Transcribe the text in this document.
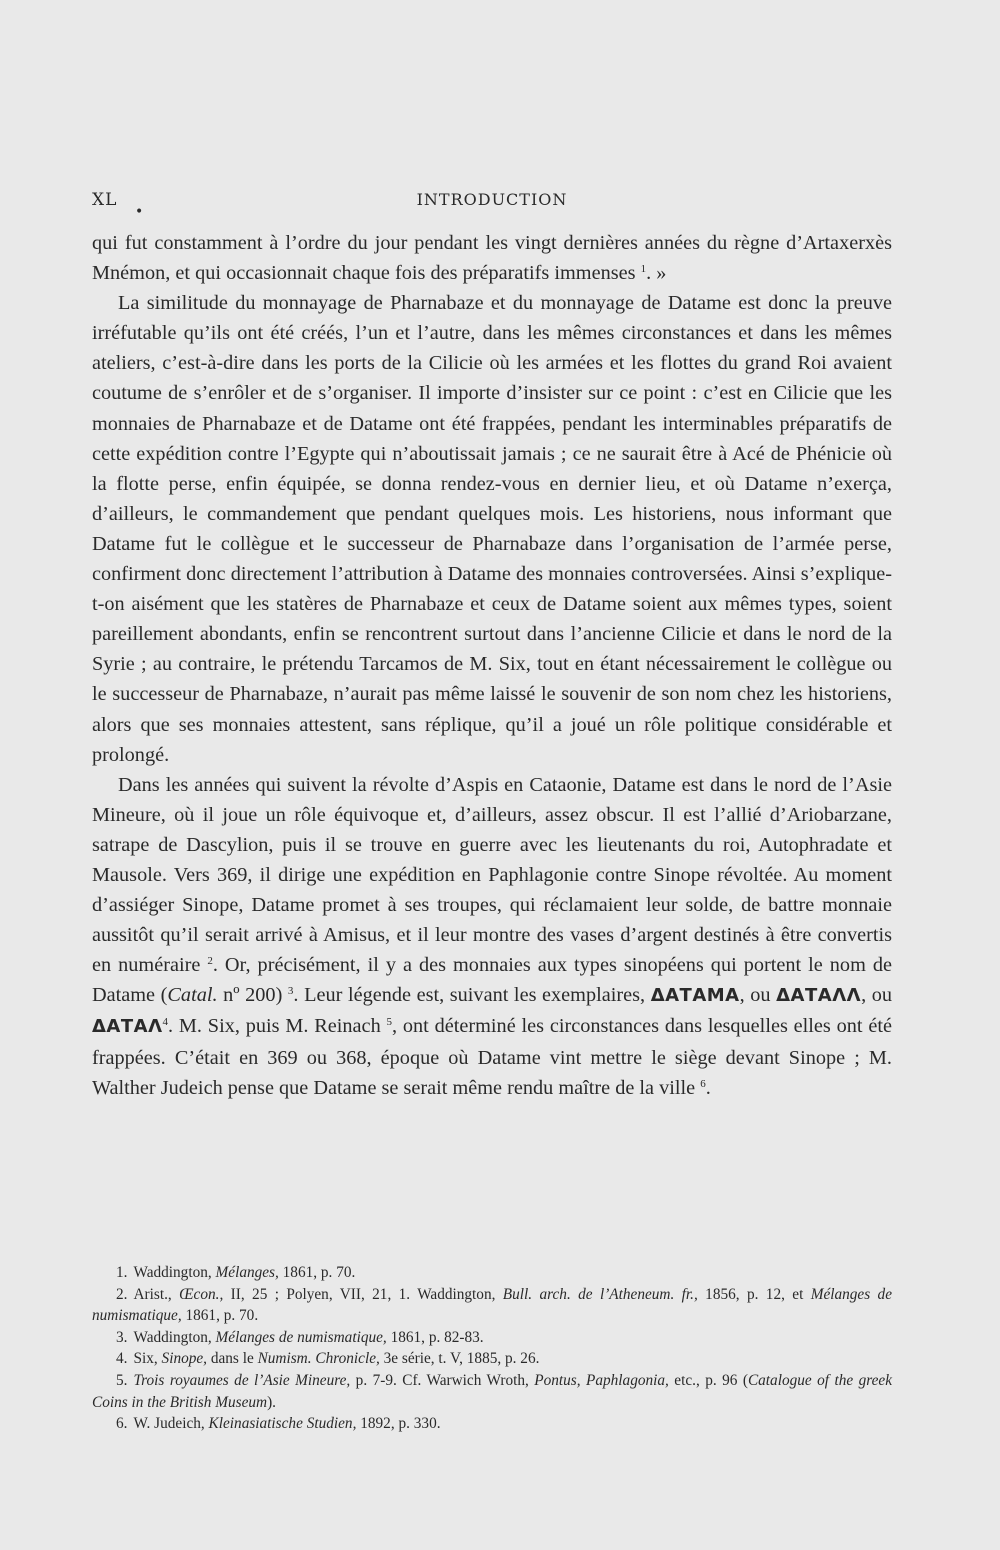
XL
•
INTRODUCTION

qui fut constamment à l’ordre du jour pendant les vingt dernières années du règne d’Artaxerxès Mnémon, et qui occasionnait chaque fois des préparatifs immenses $^1$. »

La similitude du monnayage de Pharnabaze et du monnayage de Datame est donc la preuve irréfutable qu’ils ont été créés, l’un et l’autre, dans les mêmes circonstances et dans les mêmes ateliers, c’est-à-dire dans les ports de la Cilicie où les armées et les flottes du grand Roi avaient coutume de s’enrôler et de s’organiser. Il importe d’insister sur ce point : c’est en Cilicie que les monnaies de Pharnabaze et de Datame ont été frappées, pendant les interminables préparatifs de cette expédition contre l’Egypte qui n’aboutissait jamais ; ce ne saurait être à Acé de Phénicie où la flotte perse, enfin équipée, se donna rendez-vous en dernier lieu, et où Datame n’exerça, d’ailleurs, le commandement que pendant quelques mois. Les historiens, nous informant que Datame fut le collègue et le successeur de Pharnabaze dans l’organisation de l’armée perse, confirment donc directement l’attribution à Datame des monnaies controversées. Ainsi s’explique-t-on aisément que les statères de Pharnabaze et ceux de Datame soient aux mêmes types, soient pareillement abondants, enfin se rencontrent surtout dans l’ancienne Cilicie et dans le nord de la Syrie ; au contraire, le prétendu Tarcamos de M. Six, tout en étant nécessairement le collègue ou le successeur de Pharnabaze, n’aurait pas même laissé le souvenir de son nom chez les historiens, alors que ses monnaies attestent, sans réplique, qu’il a joué un rôle politique considérable et prolongé.

Dans les années qui suivent la révolte d’Aspis en Cataonie, Datame est dans le nord de l’Asie Mineure, où il joue un rôle équivoque et, d’ailleurs, assez obscur. Il est l’allié d’Ariobarzane, satrape de Dascylion, puis il se trouve en guerre avec les lieutenants du roi, Autophradate et Mausole. Vers 369, il dirige une expédition en Paphlagonie contre Sinope révoltée. Au moment d’assiéger Sinope, Datame promet à ses troupes, qui réclamaient leur solde, de battre monnaie aussitôt qu’il serait arrivé à Amisus, et il leur montre des vases d’argent destinés à être convertis en numéraire $^2$. Or, précisément, il y a des monnaies aux types sinopéens qui portent le nom de Datame (Catal. nº 200) $^3$. Leur légende est, suivant les exemplaires, ΔΑΤΑΜΑ, ou ΔΑΤΑΛΛ, ou ΔΑΤΑΛ$^4$. M. Six, puis M. Reinach $^5$, ont déterminé les circonstances dans lesquelles elles ont été frappées. C’était en 369 ou 368, époque où Datame vint mettre le siège devant Sinope ; M. Walther Judeich pense que Datame se serait même rendu maître de la ville $^6$.

1. Waddington, Mélanges, 1861, p. 70.

2. Arist., Œcon., II, 25 ; Polyen, VII, 21, 1. Waddington, Bull. arch. de l’Atheneum. fr., 1856, p. 12, et Mélanges de numismatique, 1861, p. 70.

3. Waddington, Mélanges de numismatique, 1861, p. 82-83.

4. Six, Sinope, dans le Numism. Chronicle, 3e série, t. V, 1885, p. 26.

5. Trois royaumes de l’Asie Mineure, p. 7-9. Cf. Warwich Wroth, Pontus, Paphlagonia, etc., p. 96 (Catalogue of the greek Coins in the British Museum).

6. W. Judeich, Kleinasiatische Studien, 1892, p. 330.
